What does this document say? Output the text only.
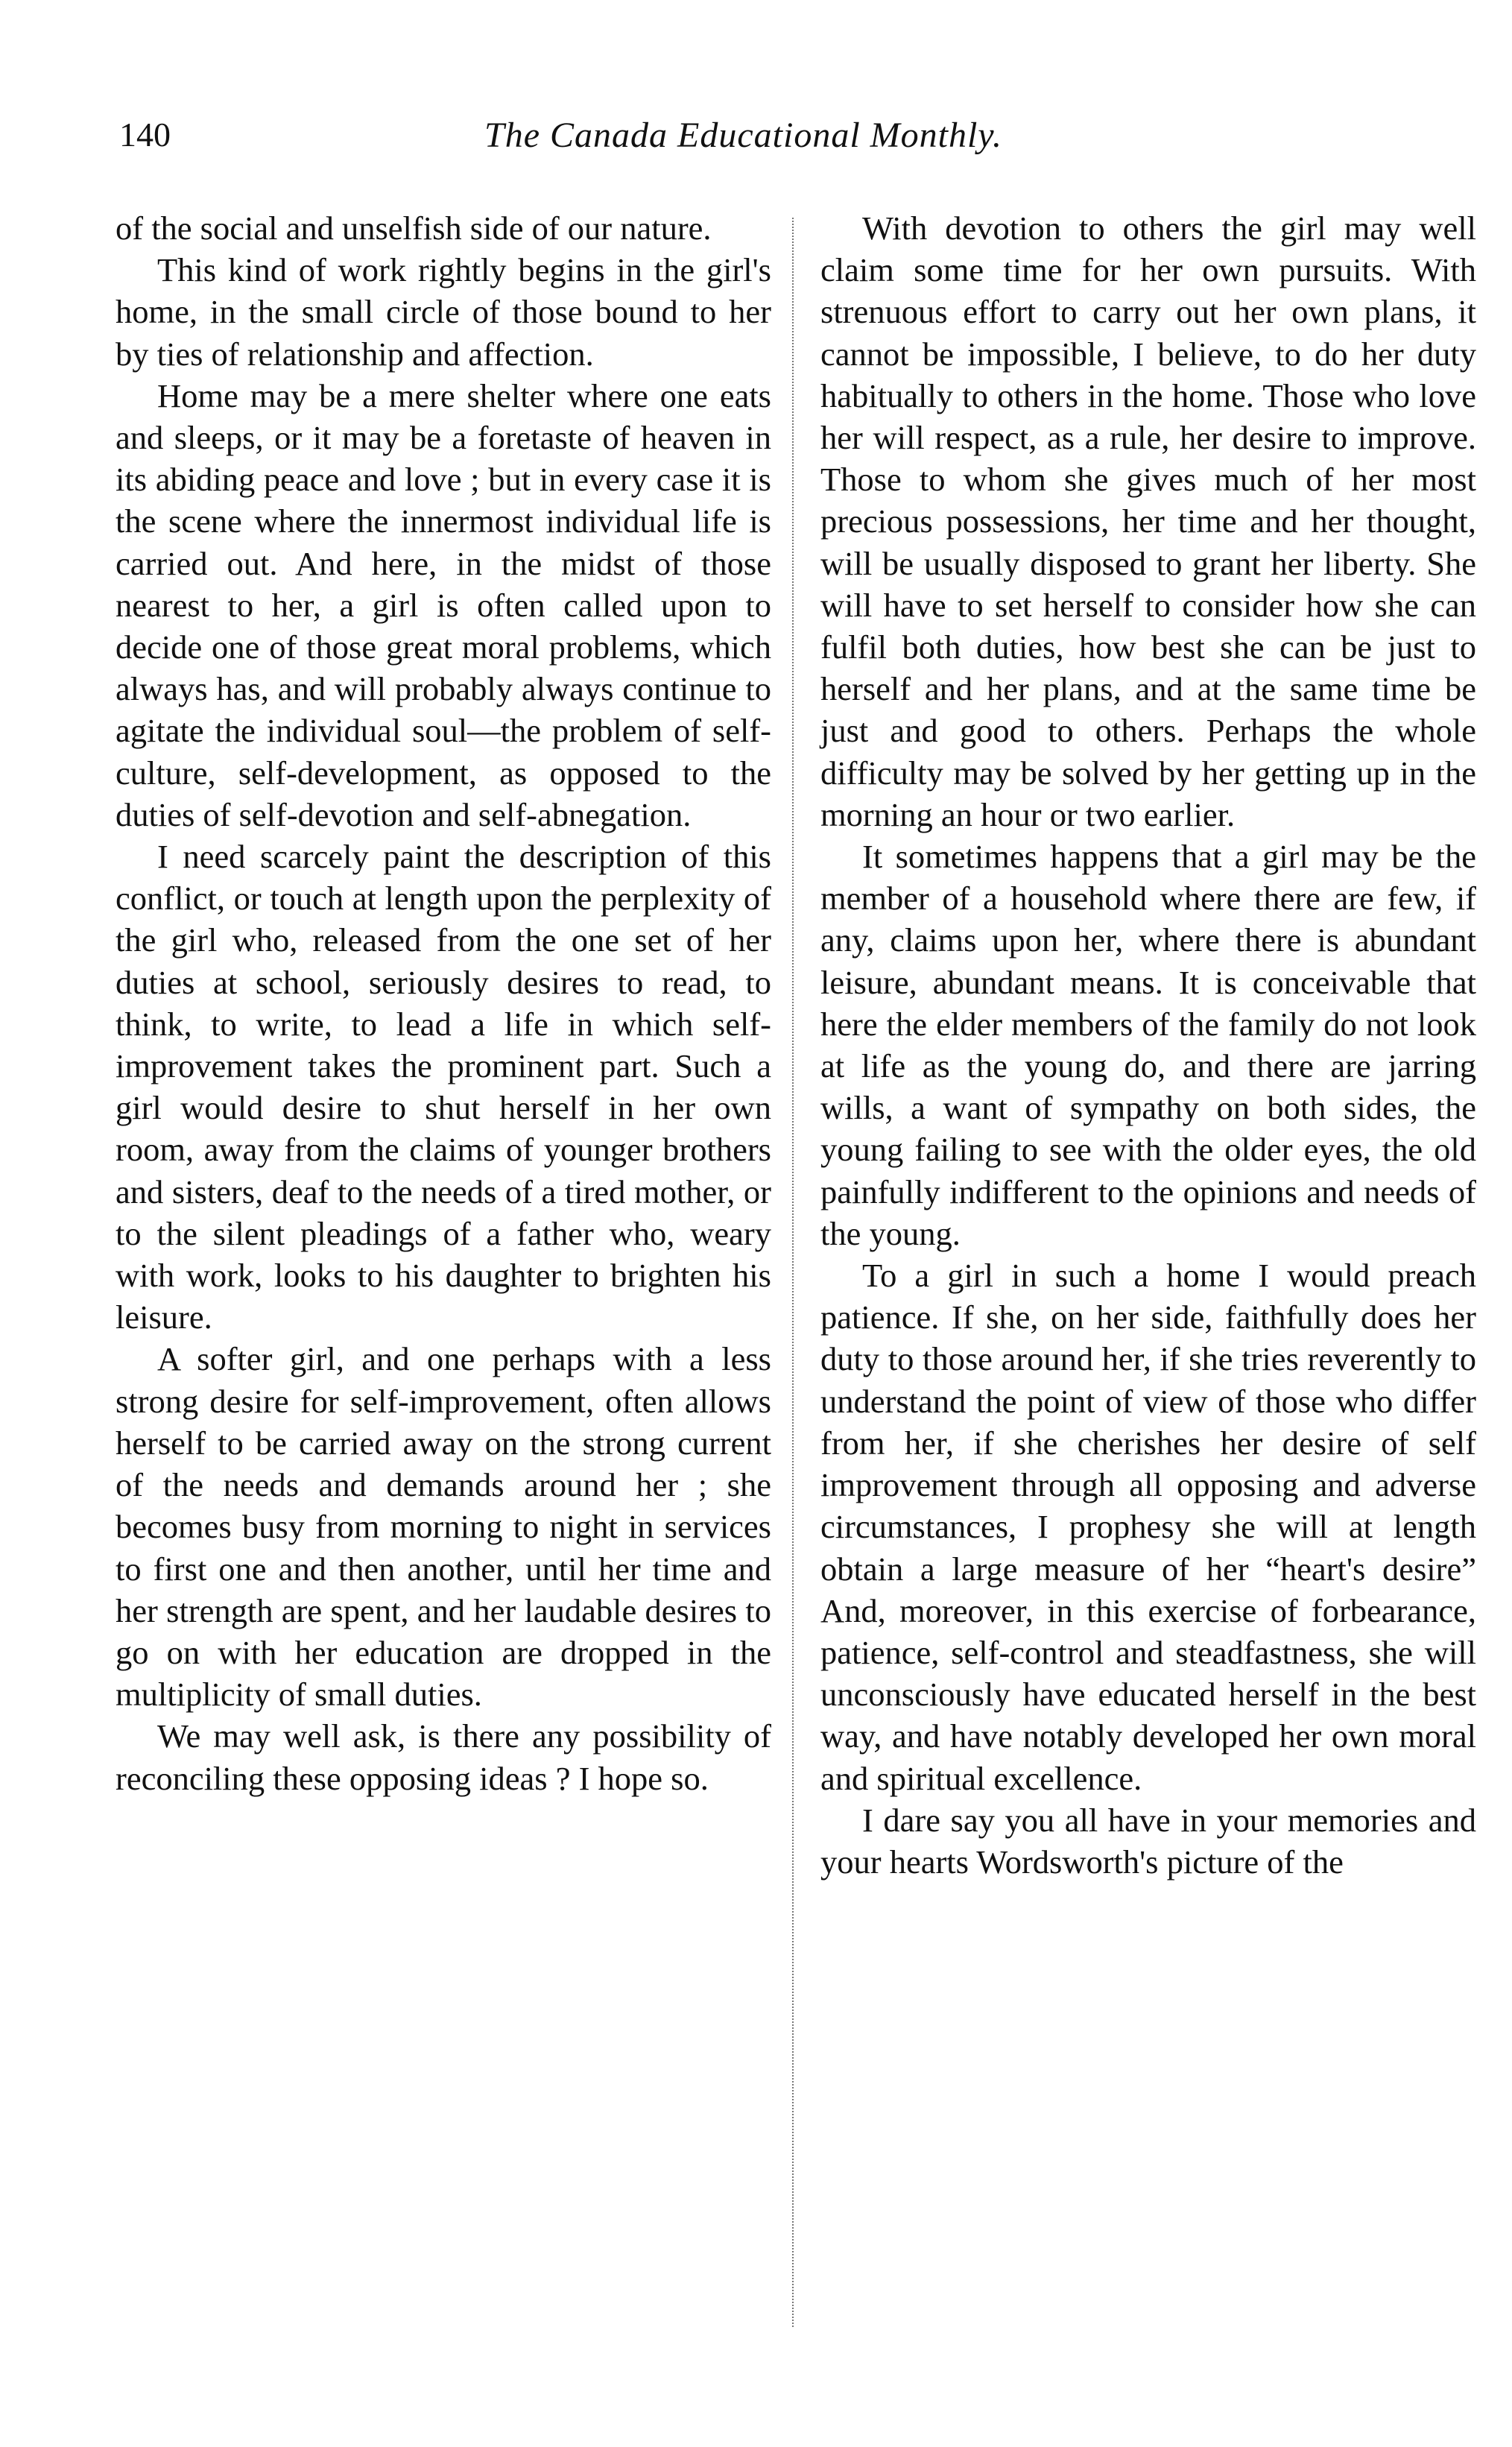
140	The Canada Educational Monthly.

of the social and unselfish side of our nature.

This kind of work rightly begins in the girl's home, in the small circle of those bound to her by ties of relationship and affection.

Home may be a mere shelter where one eats and sleeps, or it may be a foretaste of heaven in its abiding peace and love ; but in every case it is the scene where the innermost individual life is carried out. And here, in the midst of those nearest to her, a girl is often called upon to decide one of those great moral problems, which always has, and will probably always continue to agitate the individual soul—the problem of self-culture, self-development, as opposed to the duties of self-devotion and self-abnegation.

I need scarcely paint the description of this conflict, or touch at length upon the perplexity of the girl who, released from the one set of her duties at school, seriously desires to read, to think, to write, to lead a life in which self-improvement takes the prominent part. Such a girl would desire to shut herself in her own room, away from the claims of younger brothers and sisters, deaf to the needs of a tired mother, or to the silent pleadings of a father who, weary with work, looks to his daughter to brighten his leisure.

A softer girl, and one perhaps with a less strong desire for self-improvement, often allows herself to be carried away on the strong current of the needs and demands around her ; she becomes busy from morning to night in services to first one and then another, until her time and her strength are spent, and her laudable desires to go on with her education are dropped in the multiplicity of small duties.

We may well ask, is there any possibility of reconciling these opposing ideas ? I hope so.

With devotion to others the girl may well claim some time for her own pursuits. With strenuous effort to carry out her own plans, it cannot be impossible, I believe, to do her duty habitually to others in the home. Those who love her will respect, as a rule, her desire to improve. Those to whom she gives much of her most precious possessions, her time and her thought, will be usually disposed to grant her liberty. She will have to set herself to consider how she can fulfil both duties, how best she can be just to herself and her plans, and at the same time be just and good to others. Perhaps the whole difficulty may be solved by her getting up in the morning an hour or two earlier.

It sometimes happens that a girl may be the member of a household where there are few, if any, claims upon her, where there is abundant leisure, abundant means. It is conceivable that here the elder members of the family do not look at life as the young do, and there are jarring wills, a want of sympathy on both sides, the young failing to see with the older eyes, the old painfully indifferent to the opinions and needs of the young.

To a girl in such a home I would preach patience. If she, on her side, faithfully does her duty to those around her, if she tries reverently to understand the point of view of those who differ from her, if she cherishes her desire of self improvement through all opposing and adverse circumstances, I prophesy she will at length obtain a large measure of her “heart's desire” And, moreover, in this exercise of forbearance, patience, self-control and steadfastness, she will unconsciously have educated herself in the best way, and have notably developed her own moral and spiritual excellence.

I dare say you all have in your memories and your hearts Wordsworth's picture of the
